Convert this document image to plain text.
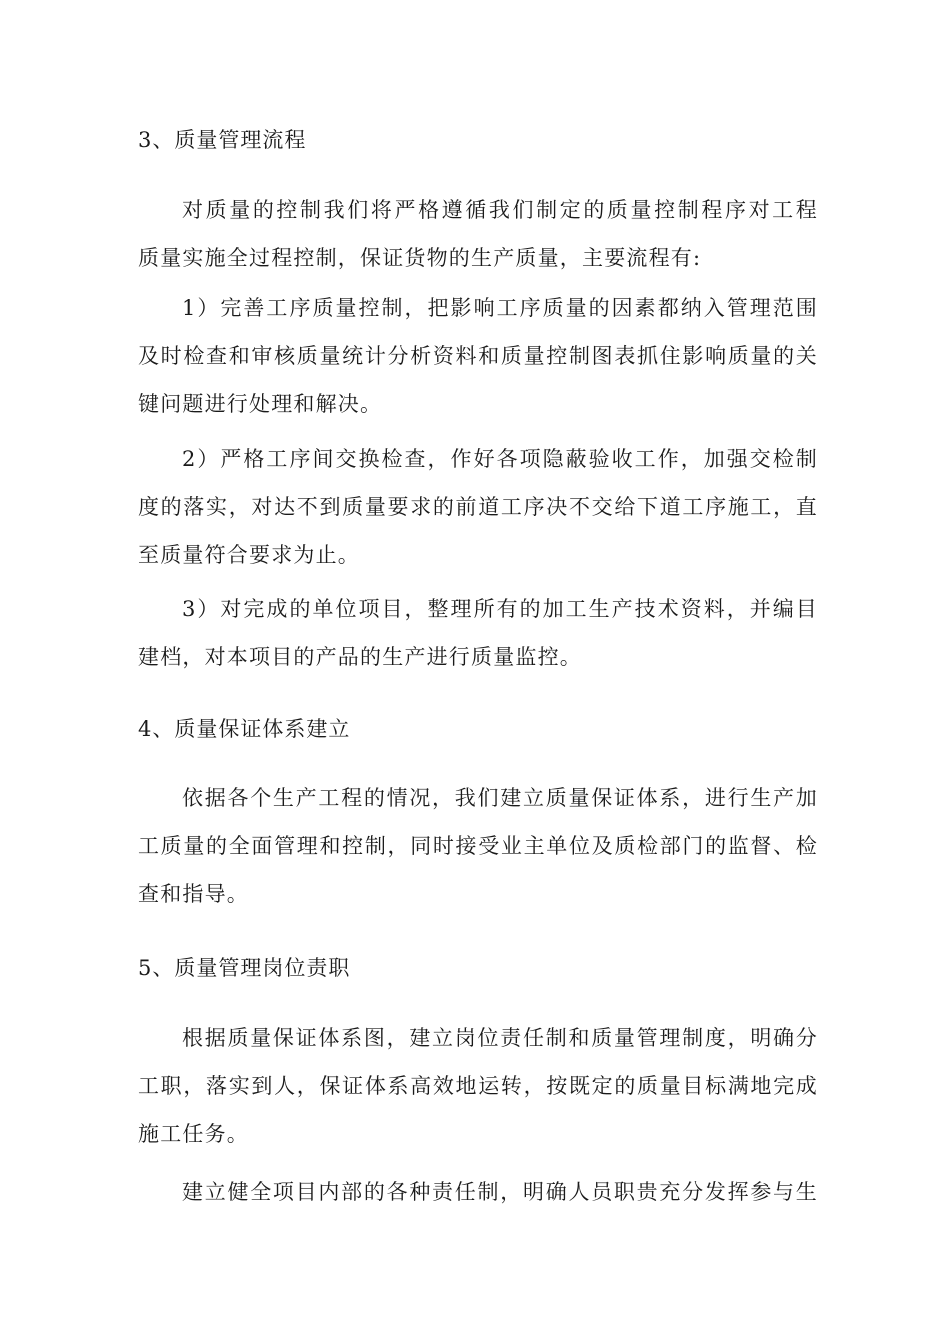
3、质量管理流程
对质量的控制我们将严格遵循我们制定的质量控制程序对工程
质量实施全过程控制，保证货物的生产质量，主要流程有:
1）完善工序质量控制，把影响工序质量的因素都纳入管理范围
及时检查和审核质量统计分析资料和质量控制图表抓住影响质量的关
键问题进行处理和解决。
2）严格工序间交换检查，作好各项隐蔽验收工作，加强交检制
度的落实，对达不到质量要求的前道工序决不交给下道工序施工，直
至质量符合要求为止。
3）对完成的单位项目，整理所有的加工生产技术资料，并编目
建档，对本项目的产品的生产进行质量监控。
4、质量保证体系建立
依据各个生产工程的情况，我们建立质量保证体系，进行生产加
工质量的全面管理和控制，同时接受业主单位及质检部门的监督、检
查和指导。
5、质量管理岗位责职
根据质量保证体系图，建立岗位责任制和质量管理制度，明确分
工职，落实到人，保证体系高效地运转，按既定的质量目标满地完成
施工任务。
建立健全项目内部的各种责任制，明确人员职贵充分发挥参与生
